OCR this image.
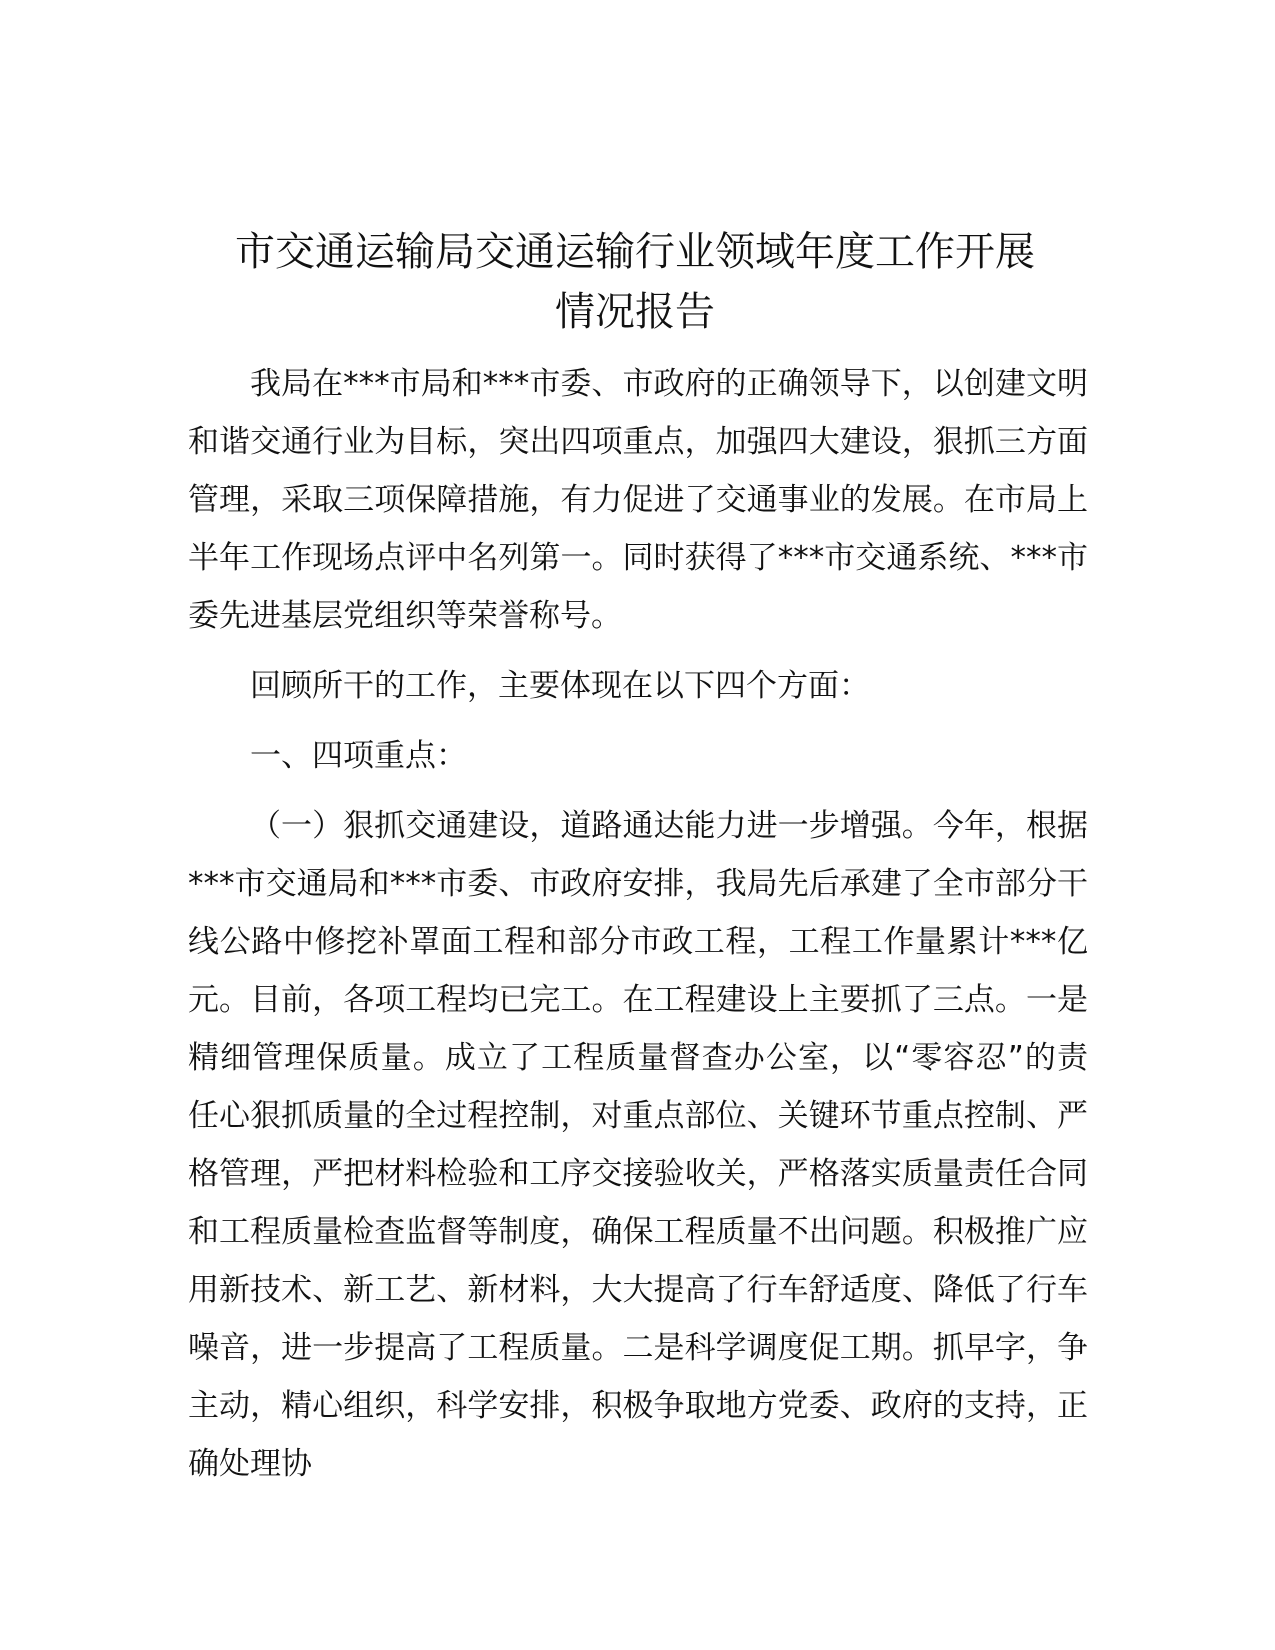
市交通运输局交通运输行业领域年度工作开展
情况报告

我局在***市局和***市委、市政府的正确领导下，以创建文明和谐交通行业为目标，突出四项重点，加强四大建设，狠抓三方面管理，采取三项保障措施，有力促进了交通事业的发展。在市局上半年工作现场点评中名列第一。同时获得了***市交通系统、***市委先进基层党组织等荣誉称号。

回顾所干的工作，主要体现在以下四个方面：

一、四项重点：

（一）狠抓交通建设，道路通达能力进一步增强。今年，根据***市交通局和***市委、市政府安排，我局先后承建了全市部分干线公路中修挖补罩面工程和部分市政工程，工程工作量累计***亿元。目前，各项工程均已完工。在工程建设上主要抓了三点。一是精细管理保质量。成立了工程质量督查办公室，以“零容忍”的责任心狠抓质量的全过程控制，对重点部位、关键环节重点控制、严格管理，严把材料检验和工序交接验收关，严格落实质量责任合同和工程质量检查监督等制度，确保工程质量不出问题。积极推广应用新技术、新工艺、新材料，大大提高了行车舒适度、降低了行车噪音，进一步提高了工程质量。二是科学调度促工期。抓早字，争主动，精心组织，科学安排，积极争取地方党委、政府的支持，正确处理协
